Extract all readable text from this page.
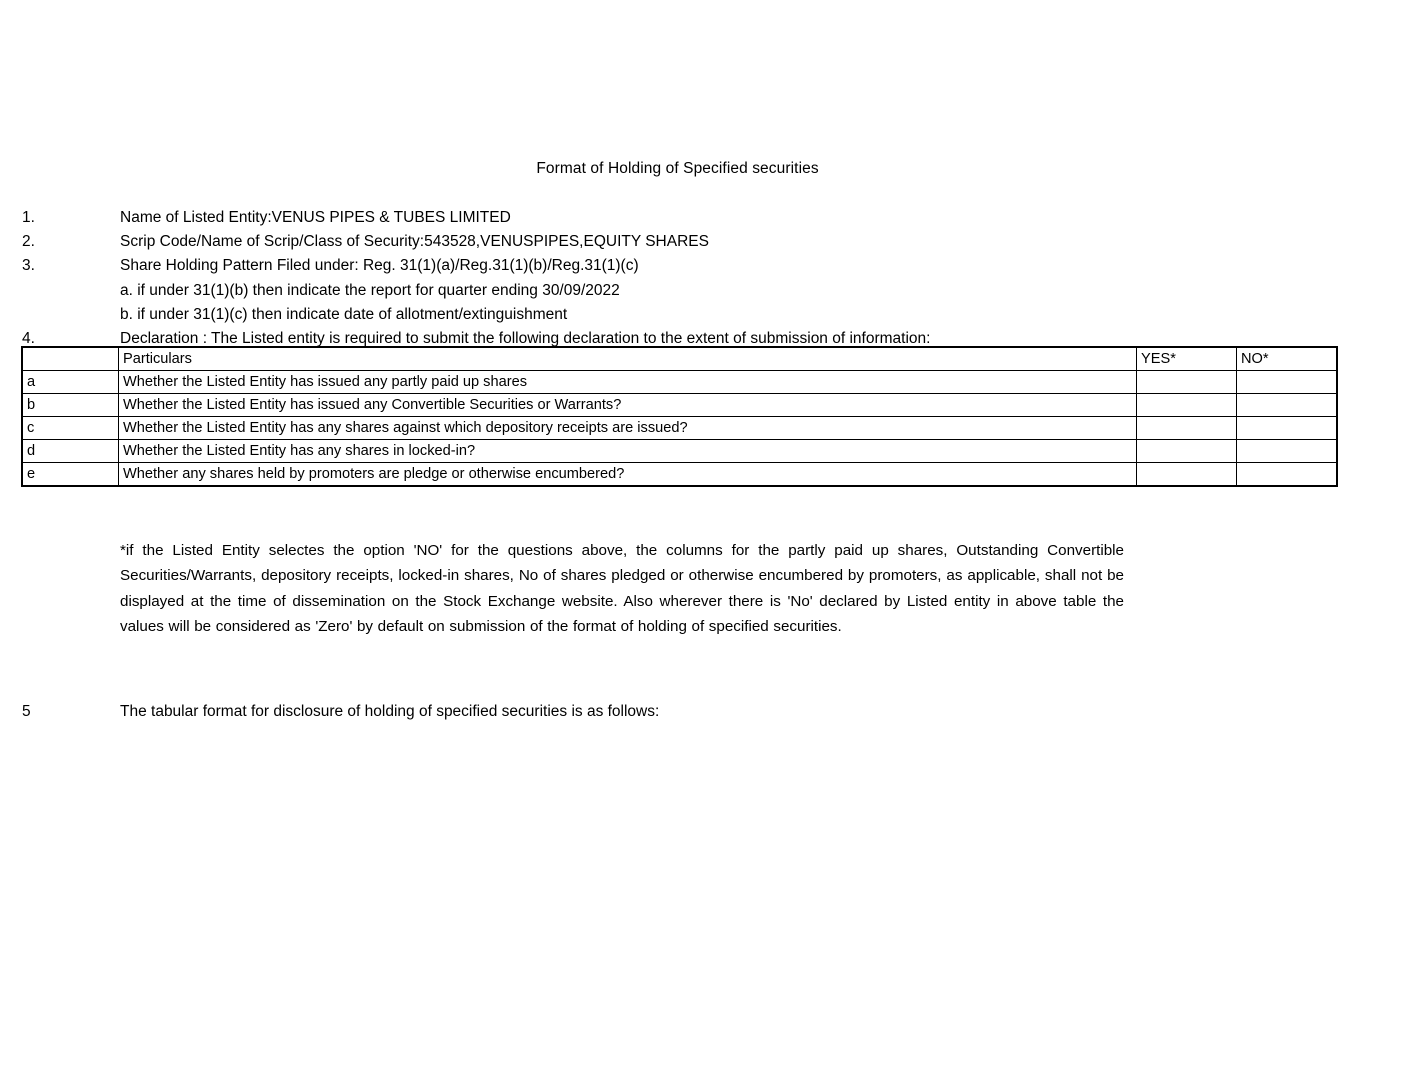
Format of Holding of Specified securities
1.	Name of Listed Entity:VENUS PIPES & TUBES LIMITED
2.	Scrip Code/Name of Scrip/Class of Security:543528,VENUSPIPES,EQUITY SHARES
3.	Share Holding Pattern Filed under: Reg. 31(1)(a)/Reg.31(1)(b)/Reg.31(1)(c)
a. if under 31(1)(b) then indicate the report for quarter ending 30/09/2022
b. if under 31(1)(c) then indicate date of allotment/extinguishment
4.	Declaration : The Listed entity is required to submit the following declaration to the extent of submission of information:
	Particulars	YES*	NO*
a	Whether the Listed Entity has issued any partly paid up shares		
b	Whether the Listed Entity has issued any Convertible Securities or Warrants?		
c	Whether the Listed Entity has any shares against which depository receipts are issued?		
d	Whether the Listed Entity has any shares in locked-in?		
e	Whether any shares held by promoters are pledge or otherwise encumbered?		
*if the Listed Entity selectes the option 'NO' for the questions above, the columns for the partly paid up shares, Outstanding Convertible Securities/Warrants, depository receipts, locked-in shares, No of shares pledged or otherwise encumbered by promoters, as applicable, shall not be displayed at the time of dissemination on the Stock Exchange website. Also wherever there is 'No' declared by Listed entity in above table the values will be considered as 'Zero' by default on submission of the format of holding of specified securities.
5	The tabular format for disclosure of holding of specified securities is as follows:
